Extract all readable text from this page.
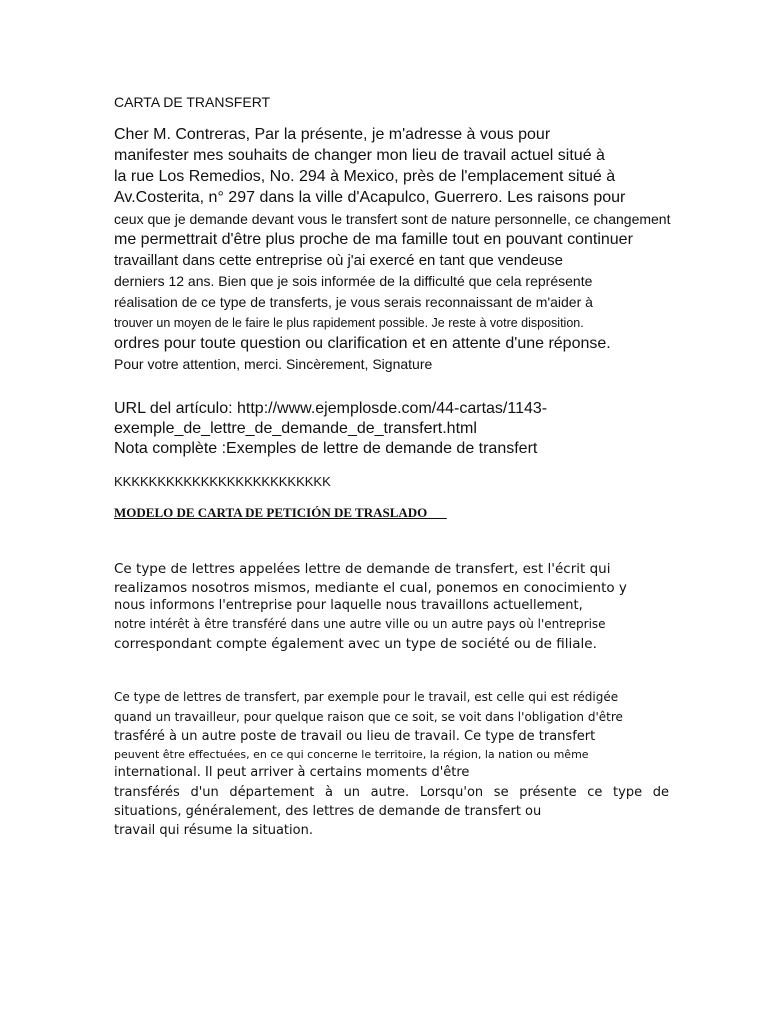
CARTA DE TRANSFERT

Cher M. Contreras, Par la présente, je m'adresse à vous pour

manifester mes souhaits de changer mon lieu de travail actuel situé à

la rue Los Remedios, No. 294 à Mexico, près de l'emplacement situé à

Av.Costerita, n° 297 dans la ville d'Acapulco, Guerrero. Les raisons pour

ceux que je demande devant vous le transfert sont de nature personnelle, ce changement

me permettrait d'être plus proche de ma famille tout en pouvant continuer

travaillant dans cette entreprise où j'ai exercé en tant que vendeuse

derniers 12 ans. Bien que je sois informée de la difficulté que cela représente

réalisation de ce type de transferts, je vous serais reconnaissant de m'aider à

trouver un moyen de le faire le plus rapidement possible. Je reste à votre disposition.

ordres pour toute question ou clarification et en attente d'une réponse.

Pour votre attention, merci. Sincèrement, Signature

URL del artículo: http://www.ejemplosde.com/44-cartas/1143-

exemple_de_lettre_de_demande_de_transfert.html

Nota complète :Exemples de lettre de demande de transfert

KKKKKKKKKKKKKKKKKKKKKKKKK

MODELO DE CARTA DE PETICIÓN DE TRASLADO

Ce type de lettres appelées lettre de demande de transfert, est l'écrit qui

realizamos nosotros mismos, mediante el cual, ponemos en conocimiento y

nous informons l'entreprise pour laquelle nous travaillons actuellement,

notre intérêt à être transféré dans une autre ville ou un autre pays où l'entreprise

correspondant compte également avec un type de société ou de filiale.

Ce type de lettres de transfert, par exemple pour le travail, est celle qui est rédigée

quand un travailleur, pour quelque raison que ce soit, se voit dans l'obligation d'être

trasféré à un autre poste de travail ou lieu de travail. Ce type de transfert

peuvent être effectuées, en ce qui concerne le territoire, la région, la nation ou même

international. Il peut arriver à certains moments d'être

transférés d'un département à un autre. Lorsqu'on se présente ce type de

situations, généralement, des lettres de demande de transfert ou

travail qui résume la situation.
